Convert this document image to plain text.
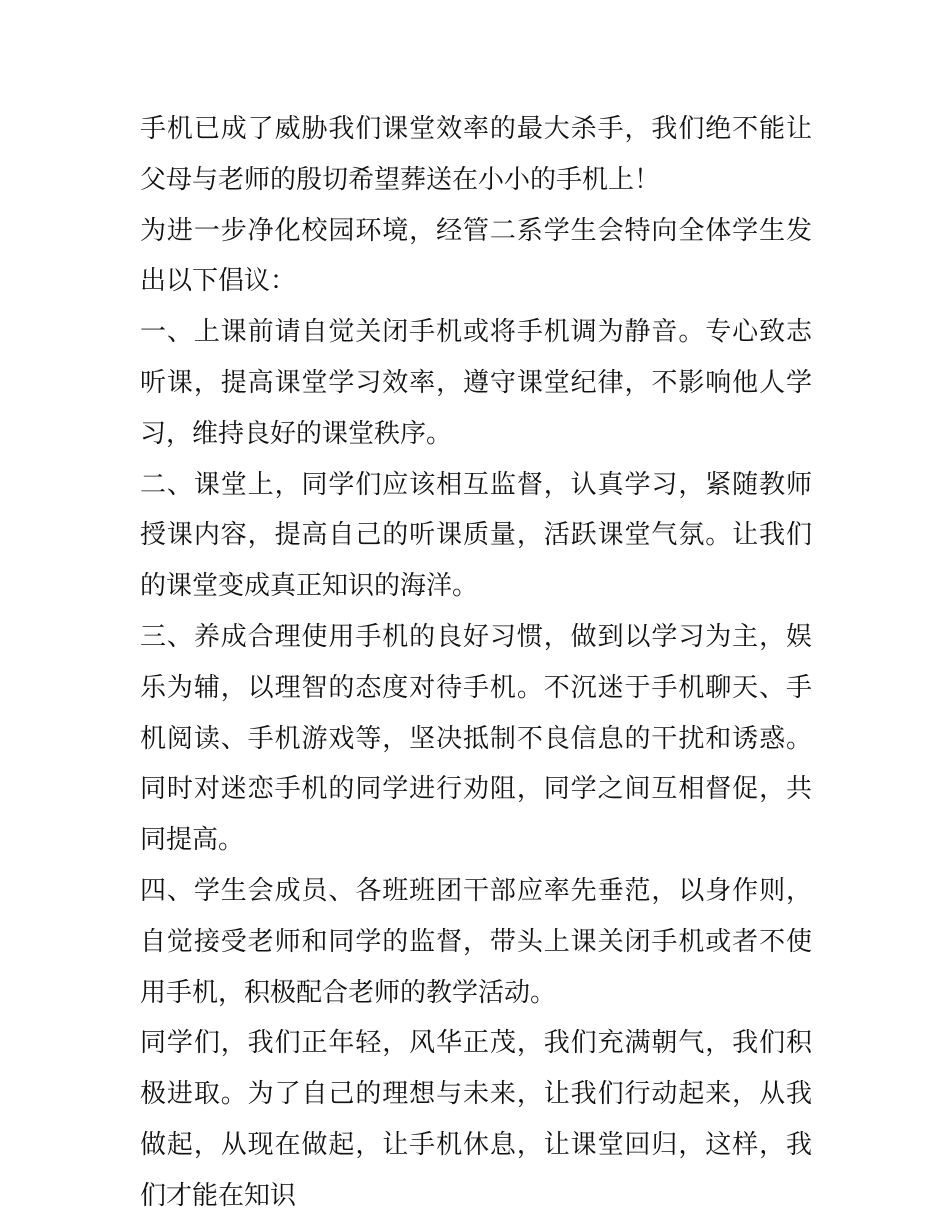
手机已成了威胁我们课堂效率的最大杀手，我们绝不能让父母与老师的殷切希望葬送在小小的手机上！

为进一步净化校园环境，经管二系学生会特向全体学生发出以下倡议：

一、上课前请自觉关闭手机或将手机调为静音。专心致志听课，提高课堂学习效率，遵守课堂纪律，不影响他人学习，维持良好的课堂秩序。

二、课堂上，同学们应该相互监督，认真学习，紧随教师授课内容，提高自己的听课质量，活跃课堂气氛。让我们的课堂变成真正知识的海洋。

三、养成合理使用手机的良好习惯，做到以学习为主，娱乐为辅，以理智的态度对待手机。不沉迷于手机聊天、手机阅读、手机游戏等，坚决抵制不良信息的干扰和诱惑。同时对迷恋手机的同学进行劝阻，同学之间互相督促，共同提高。

四、学生会成员、各班班团干部应率先垂范，以身作则，自觉接受老师和同学的监督，带头上课关闭手机或者不使用手机，积极配合老师的教学活动。

同学们，我们正年轻，风华正茂，我们充满朝气，我们积极进取。为了自己的理想与未来，让我们行动起来，从我做起，从现在做起，让手机休息，让课堂回归，这样，我们才能在知识
